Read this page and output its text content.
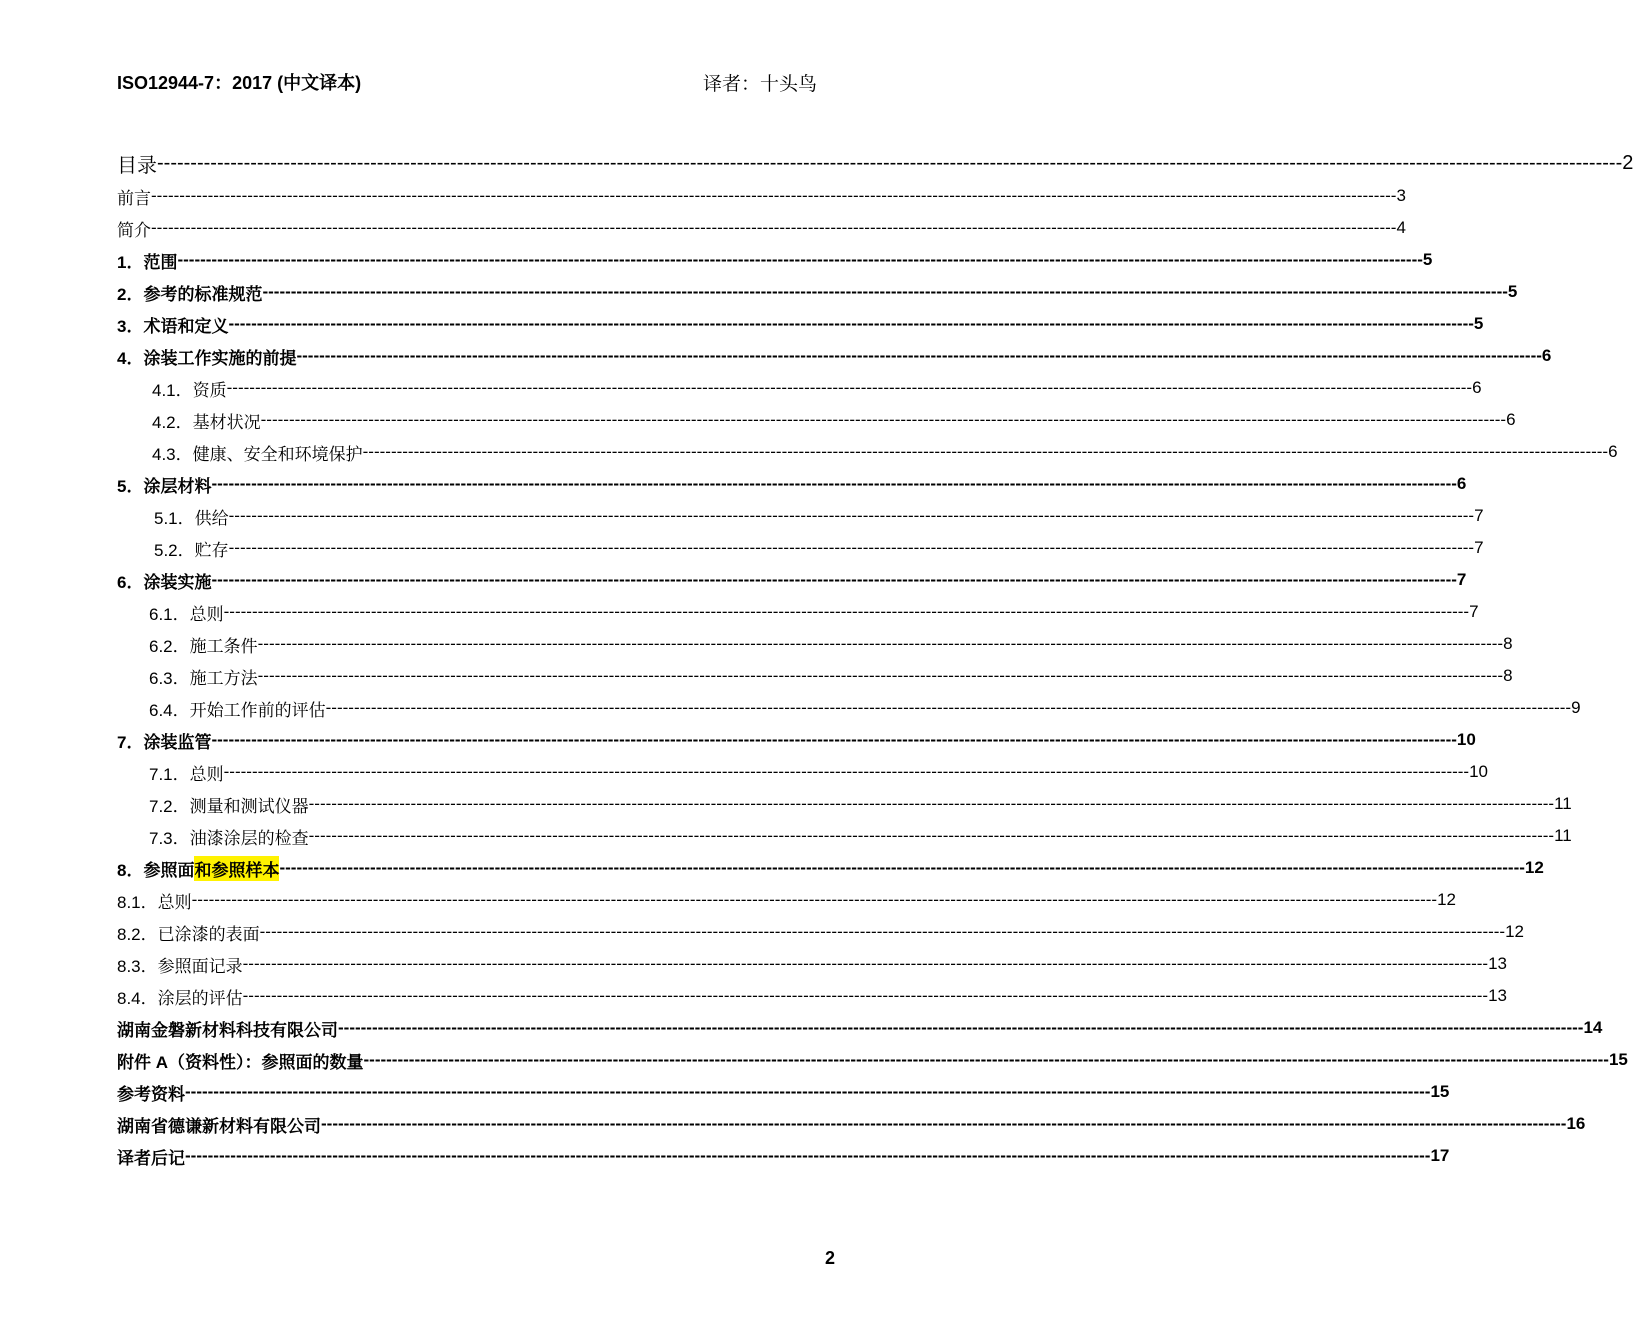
ISO12944-7：2017 (中文译本)	译者：十头鸟
目录 ---------------------------------------------------------------------------------------------------------------------------------------------------------------------------------------------------------------------------- 2
前言 ---------------------------------------------------------------------------------------------------------------------------------------------------------------------------------------------------------------------------- 3
简介 ---------------------------------------------------------------------------------------------------------------------------------------------------------------------------------------------------------------------------- 4
1．范围 ---------------------------------------------------------------------------------------------------------------------------------------------------------------------------------------------------------------------------- 5
2．参考的标准规范 ---------------------------------------------------------------------------------------------------------------------------------------------------------------------------------------------------------------------------- 5
3．术语和定义 ---------------------------------------------------------------------------------------------------------------------------------------------------------------------------------------------------------------------------- 5
4．涂装工作实施的前提 ---------------------------------------------------------------------------------------------------------------------------------------------------------------------------------------------------------------------------- 6
4.1．资质 ---------------------------------------------------------------------------------------------------------------------------------------------------------------------------------------------------------------------------- 6
4.2．基材状况 ---------------------------------------------------------------------------------------------------------------------------------------------------------------------------------------------------------------------------- 6
4.3．健康、安全和环境保护 ---------------------------------------------------------------------------------------------------------------------------------------------------------------------------------------------------------------------------- 6
5．涂层材料 ---------------------------------------------------------------------------------------------------------------------------------------------------------------------------------------------------------------------------- 6
5.1．供给 ---------------------------------------------------------------------------------------------------------------------------------------------------------------------------------------------------------------------------- 7
5.2．贮存 ---------------------------------------------------------------------------------------------------------------------------------------------------------------------------------------------------------------------------- 7
6．涂装实施 ---------------------------------------------------------------------------------------------------------------------------------------------------------------------------------------------------------------------------- 7
6.1．总则 ---------------------------------------------------------------------------------------------------------------------------------------------------------------------------------------------------------------------------- 7
6.2．施工条件 ---------------------------------------------------------------------------------------------------------------------------------------------------------------------------------------------------------------------------- 8
6.3．施工方法 ---------------------------------------------------------------------------------------------------------------------------------------------------------------------------------------------------------------------------- 8
6.4．开始工作前的评估 ---------------------------------------------------------------------------------------------------------------------------------------------------------------------------------------------------------------------------- 9
7．涂装监管 ---------------------------------------------------------------------------------------------------------------------------------------------------------------------------------------------------------------------------- 10
7.1．总则 ---------------------------------------------------------------------------------------------------------------------------------------------------------------------------------------------------------------------------- 10
7.2．测量和测试仪器 ---------------------------------------------------------------------------------------------------------------------------------------------------------------------------------------------------------------------------- 11
7.3．油漆涂层的检查 ---------------------------------------------------------------------------------------------------------------------------------------------------------------------------------------------------------------------------- 11
8．参照面 和参照样本 ---------------------------------------------------------------------------------------------------------------------------------------------------------------------------------------------------------------------------- 12
8.1．总则 ---------------------------------------------------------------------------------------------------------------------------------------------------------------------------------------------------------------------------- 12
8.2．已涂漆的表面 ---------------------------------------------------------------------------------------------------------------------------------------------------------------------------------------------------------------------------- 12
8.3．参照面记录 ---------------------------------------------------------------------------------------------------------------------------------------------------------------------------------------------------------------------------- 13
8.4．涂层的评估 ---------------------------------------------------------------------------------------------------------------------------------------------------------------------------------------------------------------------------- 13
湖南金磐新材料科技有限公司 ---------------------------------------------------------------------------------------------------------------------------------------------------------------------------------------------------------------------------- 14
附件 A（资料性）：参照面的数量 ---------------------------------------------------------------------------------------------------------------------------------------------------------------------------------------------------------------------------- 15
参考资料 ---------------------------------------------------------------------------------------------------------------------------------------------------------------------------------------------------------------------------- 15
湖南省德谦新材料有限公司 ---------------------------------------------------------------------------------------------------------------------------------------------------------------------------------------------------------------------------- 16
译者后记 ---------------------------------------------------------------------------------------------------------------------------------------------------------------------------------------------------------------------------- 17
2
